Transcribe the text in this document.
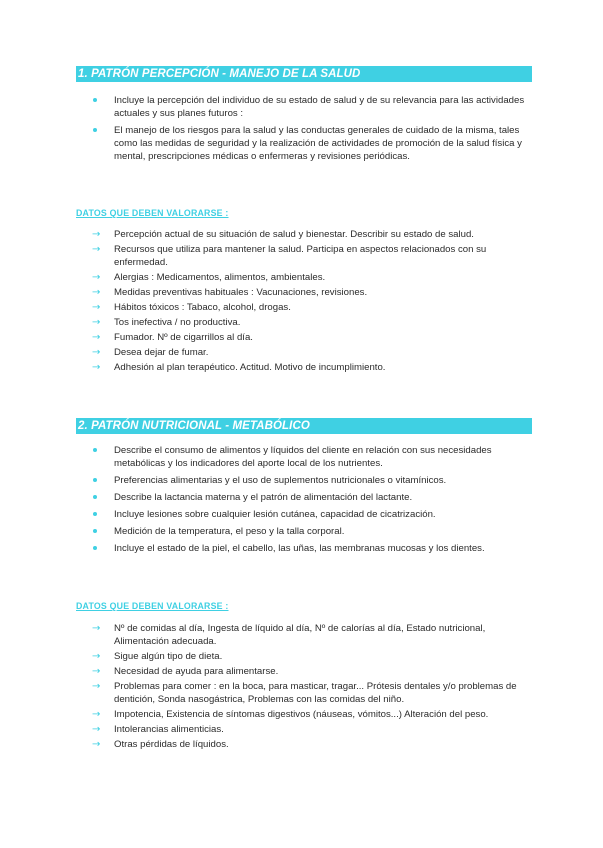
1. PATRÓN PERCEPCIÓN - MANEJO DE LA SALUD
Incluye la percepción del individuo de su estado de salud y de su relevancia para las actividades actuales y sus planes futuros :
El manejo de los riesgos para la salud y las conductas generales de cuidado de la misma, tales como las medidas de seguridad y la realización de actividades de promoción de la salud física y mental, prescripciones médicas o enfermeras y revisiones periódicas.
DATOS QUE DEBEN VALORARSE :
→ Percepción actual de su situación de salud y bienestar. Describir su estado de salud.
→ Recursos que utiliza para mantener la salud. Participa en aspectos relacionados con su enfermedad.
→ Alergias : Medicamentos, alimentos, ambientales.
→ Medidas preventivas habituales : Vacunaciones, revisiones.
→ Hábitos tóxicos : Tabaco, alcohol, drogas.
→ Tos inefectiva / no productiva.
→ Fumador. Nº de cigarrillos al día.
→ Desea dejar de fumar.
→ Adhesión al plan terapéutico. Actitud. Motivo de incumplimiento.
2. PATRÓN NUTRICIONAL - METABÓLICO
Describe el consumo de alimentos y líquidos del cliente en relación con sus necesidades metabólicas y los indicadores del aporte local de los nutrientes.
Preferencias alimentarias y el uso de suplementos nutricionales o vitamínicos.
Describe la lactancia materna y el patrón de alimentación del lactante.
Incluye lesiones sobre cualquier lesión cutánea, capacidad de cicatrización.
Medición de la temperatura, el peso y la talla corporal.
Incluye el estado de la piel, el cabello, las uñas, las membranas mucosas y los dientes.
DATOS QUE DEBEN VALORARSE :
→ Nº de comidas al día, Ingesta de líquido al día, Nº de calorías al día, Estado nutricional, Alimentación adecuada.
→ Sigue algún tipo de dieta.
→ Necesidad de ayuda para alimentarse.
→ Problemas para comer : en la boca, para masticar, tragar... Prótesis dentales y/o problemas de dentición, Sonda nasogástrica, Problemas con las comidas del niño.
→ Impotencia, Existencia de síntomas digestivos (náuseas, vómitos...) Alteración del peso.
→ Intolerancias alimenticias.
→ Otras pérdidas de líquidos.
